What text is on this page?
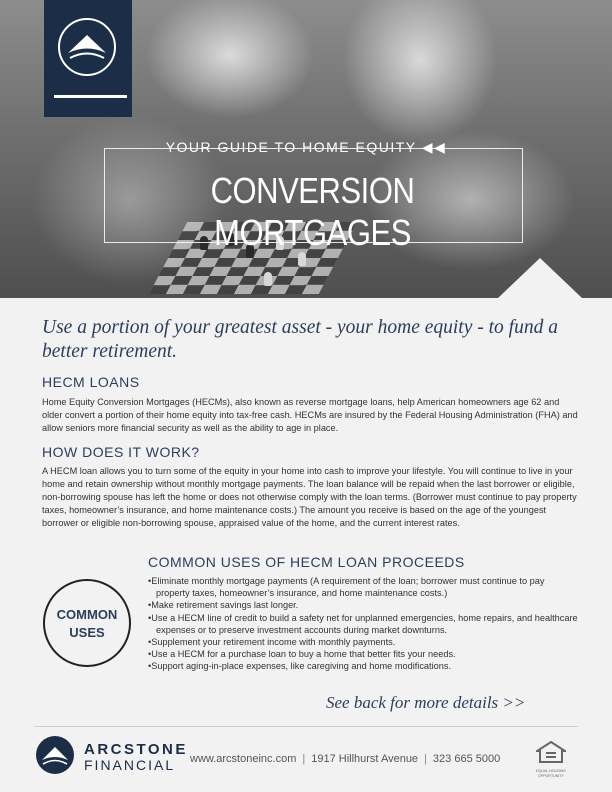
YOUR GUIDE TO HOME EQUITY ◀◀
CONVERSION MORTGAGES
Use a portion of your greatest asset - your home equity - to fund a better retirement.
HECM LOANS

Home Equity Conversion Mortgages (HECMs), also known as reverse mortgage loans, help American homeowners age 62 and older convert a portion of their home equity into tax-free cash. HECMs are insured by the Federal Housing Administration (FHA) and allow seniors more financial security as well as the ability to age in place.

HOW DOES IT WORK?

A HECM loan allows you to turn some of the equity in your home into cash to improve your lifestyle. You will continue to live in your home and retain ownership without monthly mortgage payments. The loan balance will be repaid when the last borrower or eligible, non-borrowing spouse has left the home or does not otherwise comply with the loan terms. (Borrower must continue to pay property taxes, homeowner’s insurance, and home maintenance costs.) The amount you receive is based on the age of the youngest borrower or eligible non-borrowing spouse, appraised value of the home, and the current interest rates.

COMMON USES OF HECM LOAN PROCEEDS
• Eliminate monthly mortgage payments (A requirement of the loan; borrower must continue to pay property taxes, homeowner’s insurance, and home maintenance costs.)
• Make retirement savings last longer.
• Use a HECM line of credit to build a safety net for unplanned emergencies, home repairs, and healthcare expenses or to preserve investment accounts during market downturns.
• Supplement your retirement income with monthly payments.
• Use a HECM for a purchase loan to buy a home that better fits your needs.
• Support aging-in-place expenses, like caregiving and home modifications.
COMMON
USES
See back for more details >>
ARCSTONE
FINANCIAL www.arcstoneinc.com | 1917 Hillhurst Avenue | 323 665 5000
EQUAL HOUSING
OPPORTUNITY
